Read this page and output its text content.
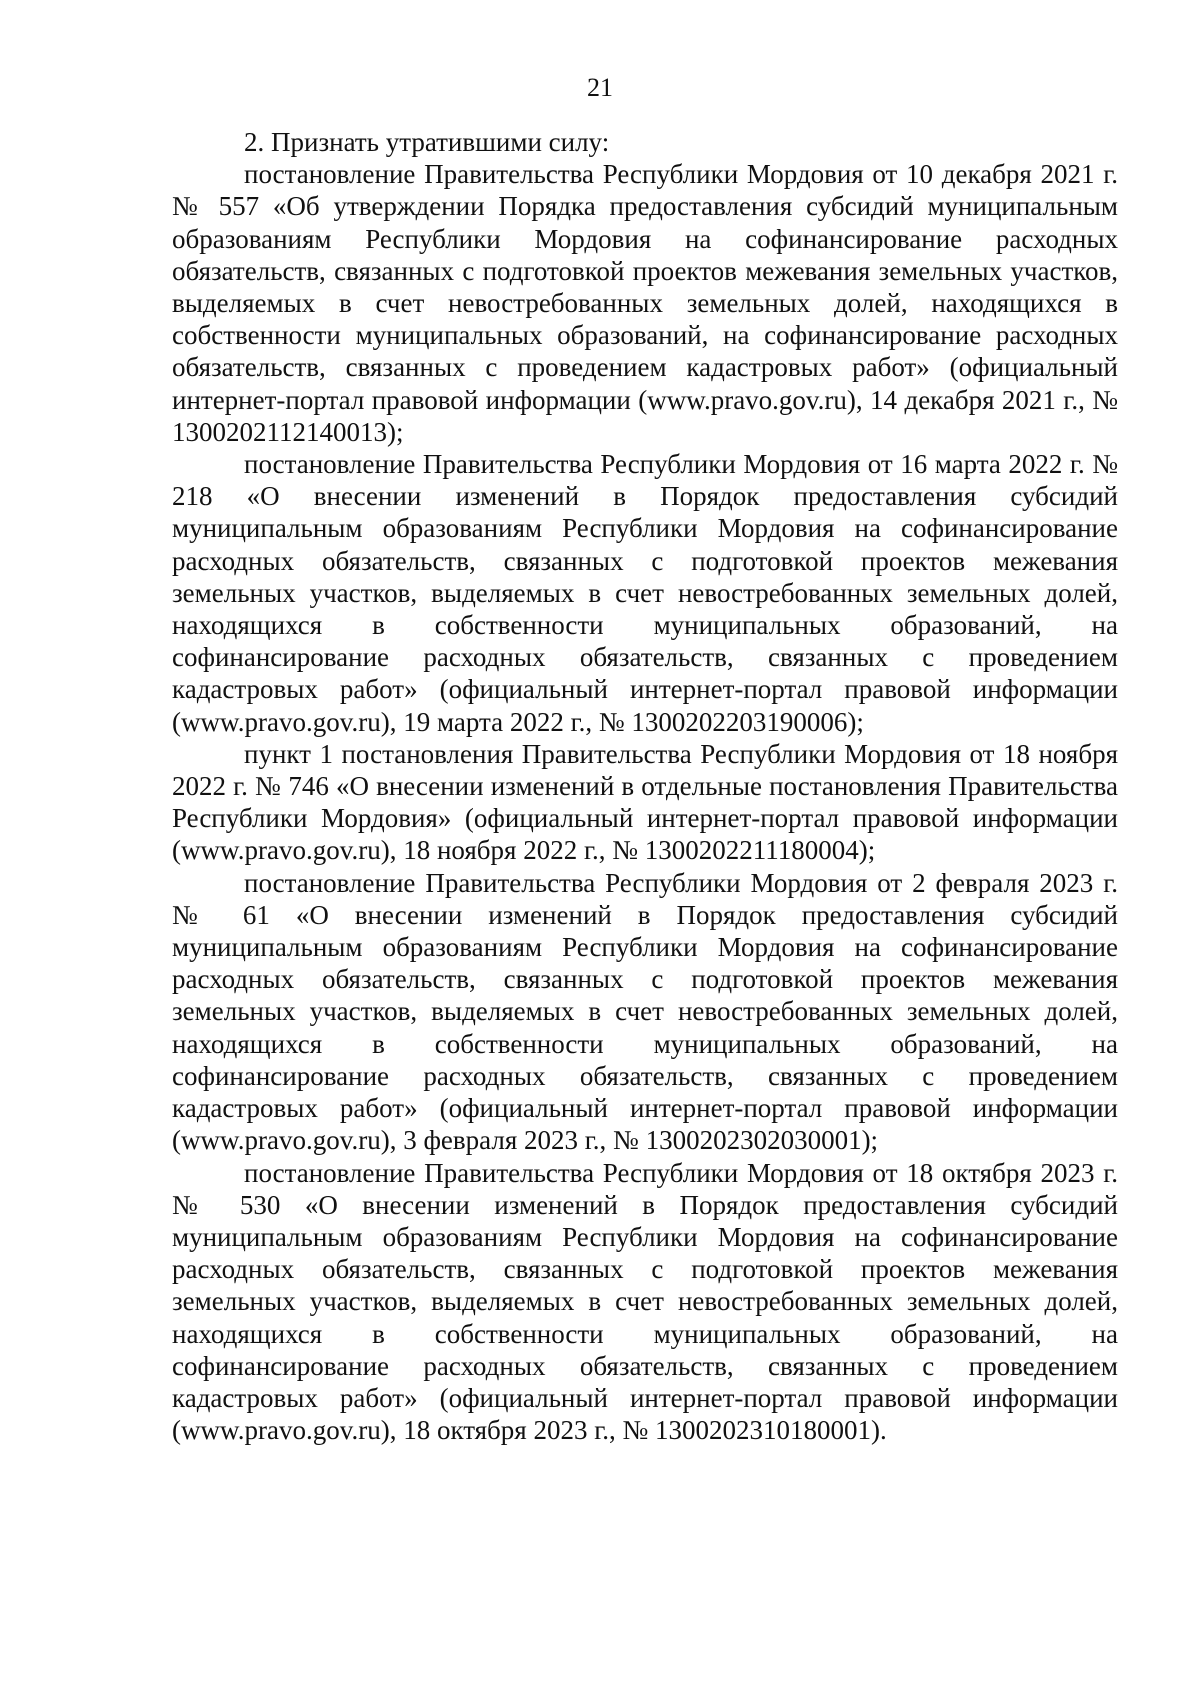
21

2. Признать утратившими силу:

постановление Правительства Республики Мордовия от 10 декабря 2021 г. № 557 «Об утверждении Порядка предоставления субсидий муниципальным образованиям Республики Мордовия на софинансирование расходных обязательств, связанных с подготовкой проектов межевания земельных участков, выделяемых в счет невостребованных земельных долей, находящихся в собственности муниципальных образований, на софинансирование расходных обязательств, связанных с проведением кадастровых работ» (официальный интернет-портал правовой информации (www.pravo.gov.ru), 14 декабря 2021 г., № 1300202112140013);

постановление Правительства Республики Мордовия от 16 марта 2022 г. № 218 «О внесении изменений в Порядок предоставления субсидий муниципальным образованиям Республики Мордовия на софинансирование расходных обязательств, связанных с подготовкой проектов межевания земельных участков, выделяемых в счет невостребованных земельных долей, находящихся в собственности муниципальных образований, на софинансирование расходных обязательств, связанных с проведением кадастровых работ» (официальный интернет-портал правовой информации (www.pravo.gov.ru), 19 марта 2022 г., № 1300202203190006);

пункт 1 постановления Правительства Республики Мордовия от 18 ноября 2022 г. № 746 «О внесении изменений в отдельные постановления Правительства Республики Мордовия» (официальный интернет-портал правовой информации (www.pravo.gov.ru), 18 ноября 2022 г., № 1300202211180004);

постановление Правительства Республики Мордовия от 2 февраля 2023 г. № 61 «О внесении изменений в Порядок предоставления субсидий муниципальным образованиям Республики Мордовия на софинансирование расходных обязательств, связанных с подготовкой проектов межевания земельных участков, выделяемых в счет невостребованных земельных долей, находящихся в собственности муниципальных образований, на софинансирование расходных обязательств, связанных с проведением кадастровых работ» (официальный интернет-портал правовой информации (www.pravo.gov.ru), 3 февраля 2023 г., № 1300202302030001);

постановление Правительства Республики Мордовия от 18 октября 2023 г. № 530 «О внесении изменений в Порядок предоставления субсидий муниципальным образованиям Республики Мордовия на софинансирование расходных обязательств, связанных с подготовкой проектов межевания земельных участков, выделяемых в счет невостребованных земельных долей, находящихся в собственности муниципальных образований, на софинансирование расходных обязательств, связанных с проведением кадастровых работ» (официальный интернет-портал правовой информации (www.pravo.gov.ru), 18 октября 2023 г., № 1300202310180001).
